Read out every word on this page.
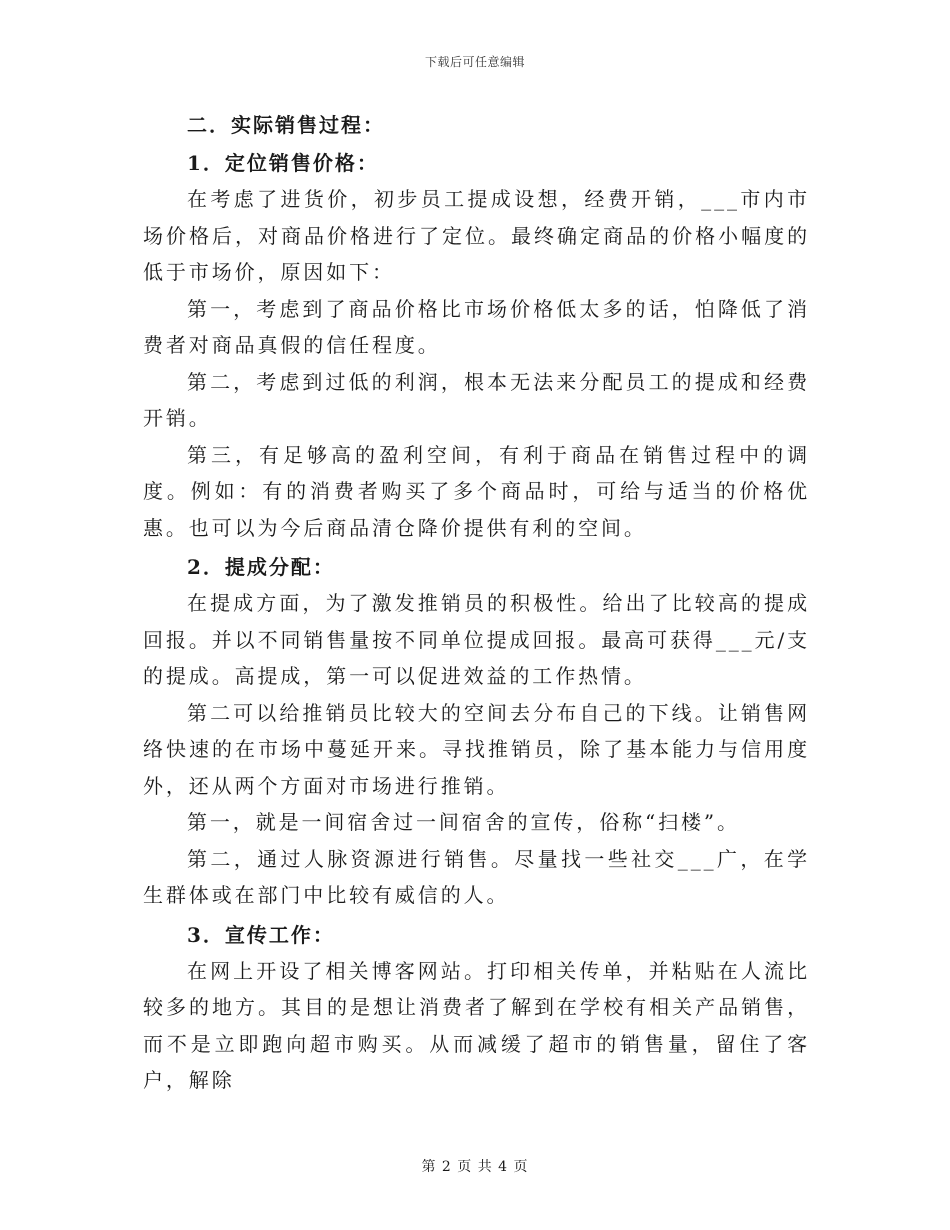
下载后可任意编辑
二．实际销售过程：
1．定位销售价格：

在考虑了进货价，初步员工提成设想，经费开销，___市内市场价格后，对商品价格进行了定位。最终确定商品的价格小幅度的低于市场价，原因如下：

第一，考虑到了商品价格比市场价格低太多的话，怕降低了消费者对商品真假的信任程度。

第二，考虑到过低的利润，根本无法来分配员工的提成和经费开销。

第三，有足够高的盈利空间，有利于商品在销售过程中的调度。例如：有的消费者购买了多个商品时，可给与适当的价格优惠。也可以为今后商品清仓降价提供有利的空间。

2．提成分配：

在提成方面，为了激发推销员的积极性。给出了比较高的提成回报。并以不同销售量按不同单位提成回报。最高可获得___元/支的提成。高提成，第一可以促进效益的工作热情。

第二可以给推销员比较大的空间去分布自己的下线。让销售网络快速的在市场中蔓延开来。寻找推销员，除了基本能力与信用度外，还从两个方面对市场进行推销。

第一，就是一间宿舍过一间宿舍的宣传，俗称“扫楼”。

第二，通过人脉资源进行销售。尽量找一些社交___广，在学生群体或在部门中比较有威信的人。

3．宣传工作：

在网上开设了相关博客网站。打印相关传单，并粘贴在人流比较多的地方。其目的是想让消费者了解到在学校有相关产品销售，而不是立即跑向超市购买。从而减缓了超市的销售量，留住了客户，解除

第 2 页 共 4 页
